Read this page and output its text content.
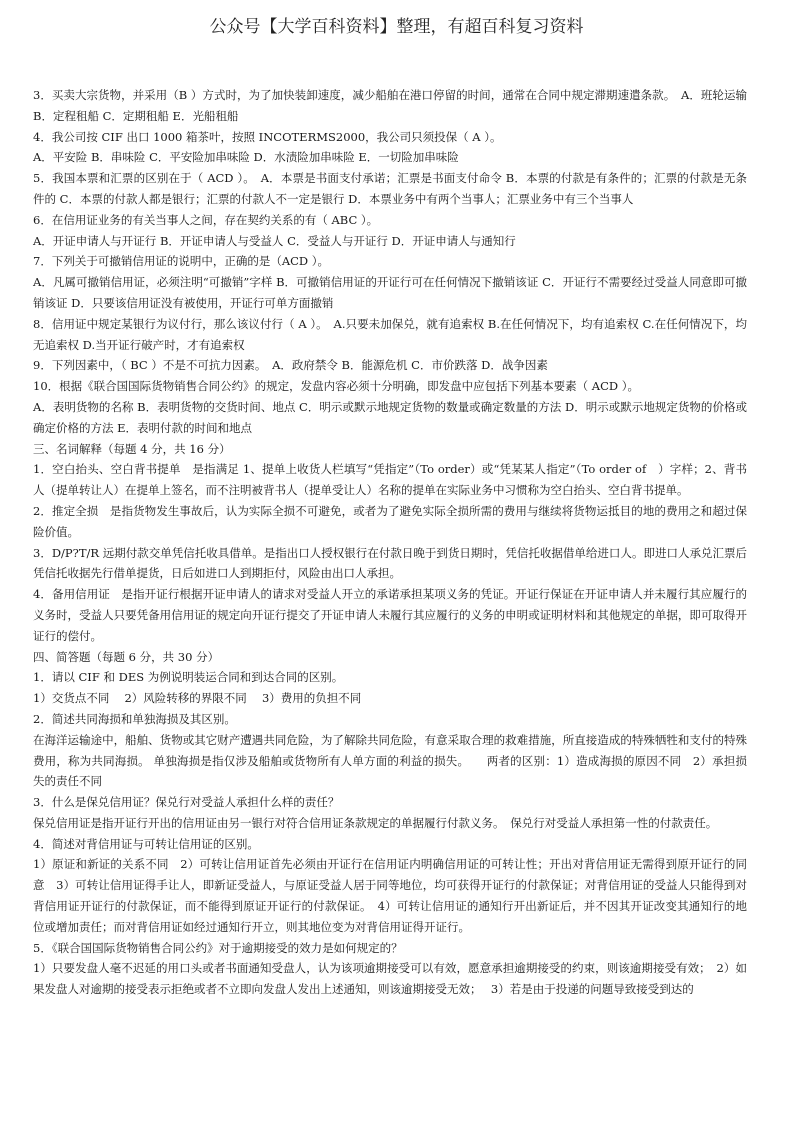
公众号【大学百科资料】整理，有超百科复习资料

3．买卖大宗货物，并采用（B ）方式时，为了加快装卸速度，减少船舶在港口停留的时间，通常在合同中规定滞期速遣条款。　A．班轮运输 B．定程租船 C．定期租船 E．光船租船

4．我公司按 CIF 出口 1000 箱茶叶，按照 INCOTERMS2000，我公司只须投保（ A ）。

A．平安险 B．串味险 C．平安险加串味险 D．水渍险加串味险 E．一切险加串味险

5．我国本票和汇票的区别在于（ ACD ）。　A．本票是书面支付承诺；汇票是书面支付命令 B．本票的付款是有条件的；汇票的付款是无条件的 C．本票的付款人都是银行；汇票的付款人不一定是银行 D．本票业务中有两个当事人；汇票业务中有三个当事人

6．在信用证业务的有关当事人之间，存在契约关系的有（ ABC ）。

A．开证申请人与开证行 B．开证申请人与受益人 C．受益人与开证行 D．开证申请人与通知行

7．下列关于可撤销信用证的说明中，正确的是（ACD ）。

A．凡属可撤销信用证，必须注明“可撤销”字样 B．可撤销信用证的开证行可在任何情况下撤销该证 C．开证行不需要经过受益人同意即可撤销该证 D．只要该信用证没有被使用，开证行可单方面撤销

8．信用证中规定某银行为议付行，那么该议付行（ A ）。　A.只要未加保兑，就有追索权 B.在任何情况下，均有追索权 C.在任何情况下，均无追索权 D.当开证行破产时，才有追索权

9．下列因素中，（ BC ）不是不可抗力因素。　A．政府禁令 B．能源危机 C．市价跌落 D．战争因素

10．根据《联合国国际货物销售合同公约》的规定，发盘内容必须十分明确，即发盘中应包括下列基本要素（ ACD ）。

A．表明货物的名称 B．表明货物的交货时间、地点 C．明示或默示地规定货物的数量或确定数量的方法 D．明示或默示地规定货物的价格或确定价格的方法 E．表明付款的时间和地点

三、名词解释（每题 4 分，共 16 分）

1．空白抬头、空白背书提单　是指满足 1、提单上收货人栏填写“凭指定”（To order）或“凭某某人指定”（To order of　）字样；2、背书人（提单转让人）在提单上签名，而不注明被背书人（提单受让人）名称的提单在实际业务中习惯称为空白抬头、空白背书提单。

2．推定全损　是指货物发生事故后，认为实际全损不可避免，或者为了避免实际全损所需的费用与继续将货物运抵目的地的费用之和超过保险价值。

3．D/P?T/R 远期付款交单凭信托收具借单。是指出口人授权银行在付款日晚于到货日期时，凭信托收据借单给进口人。即进口人承兑汇票后凭信托收据先行借单提货，日后如进口人到期拒付，风险由出口人承担。

4．备用信用证　是指开证行根据开证申请人的请求对受益人开立的承诺承担某项义务的凭证。开证行保证在开证申请人并未履行其应履行的义务时，受益人只要凭备用信用证的规定向开证行提交了开证申请人未履行其应履行的义务的申明或证明材料和其他规定的单据，即可取得开证行的偿付。

四、简答题（每题 6 分，共 30 分）

1．请以 CIF 和 DES 为例说明装运合同和到达合同的区别。

1）交货点不同　 2）风险转移的界限不同　 3）费用的负担不同

2．简述共同海损和单独海损及其区别。

在海洋运输途中，船舶、货物或其它财产遭遇共同危险，为了解除共同危险，有意采取合理的救难措施，所直接造成的特殊牺牲和支付的特殊费用，称为共同海损。 单独海损是指仅涉及船舶或货物所有人单方面的利益的损失。　　两者的区别：1）造成海损的原因不同　2）承担损失的责任不同

3．什么是保兑信用证？保兑行对受益人承担什么样的责任？

保兑信用证是指开证行开出的信用证由另一银行对符合信用证条款规定的单据履行付款义务。　保兑行对受益人承担第一性的付款责任。

4．简述对背信用证与可转让信用证的区别。

1）原证和新证的关系不同　2）可转让信用证首先必须由开证行在信用证内明确信用证的可转让性；开出对背信用证无需得到原开证行的同意　3）可转让信用证得手让人，即新证受益人，与原证受益人居于同等地位，均可获得开证行的付款保证；对背信用证的受益人只能得到对背信用证开证行的付款保证，而不能得到原证开证行的付款保证。　4）可转让信用证的通知行开出新证后，并不因其开证改变其通知行的地位或增加责任；而对背信用证如经过通知行开立，则其地位变为对背信用证得开证行。

5．《联合国国际货物销售合同公约》对于逾期接受的效力是如何规定的？

1）只要发盘人毫不迟延的用口头或者书面通知受盘人，认为该项逾期接受可以有效，愿意承担逾期接受的约束，则该逾期接受有效；　2）如果发盘人对逾期的接受表示拒绝或者不立即向发盘人发出上述通知，则该逾期接受无效；　 3）若是由于投递的问题导致接受到达的
